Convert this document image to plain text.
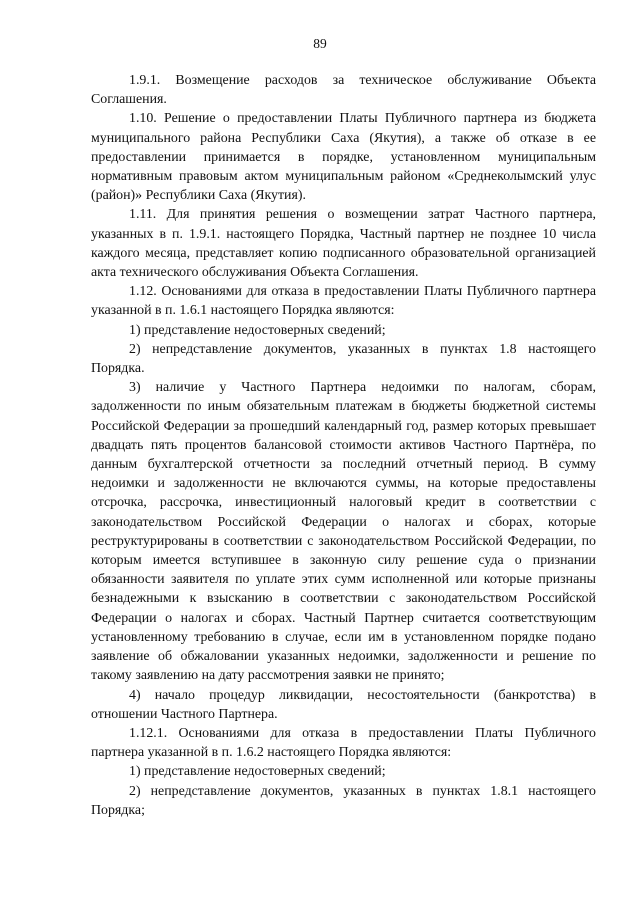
89

1.9.1. Возмещение расходов за техническое обслуживание Объекта Соглашения.

1.10. Решение о предоставлении Платы Публичного партнера из бюджета муниципального района Республики Саха (Якутия), а также об отказе в ее предоставлении принимается в порядке, установленном муниципальным нормативным правовым актом муниципальным районом «Среднеколымский улус (район)» Республики Саха (Якутия).

1.11. Для принятия решения о возмещении затрат Частного партнера, указанных в п. 1.9.1. настоящего Порядка, Частный партнер не позднее 10 числа каждого месяца, представляет копию подписанного образовательной организацией акта технического обслуживания Объекта Соглашения.

1.12. Основаниями для отказа в предоставлении Платы Публичного партнера указанной в п. 1.6.1 настоящего Порядка являются:

1) представление недостоверных сведений;

2) непредставление документов, указанных в пунктах 1.8 настоящего Порядка.

3) наличие у Частного Партнера недоимки по налогам, сборам, задолженности по иным обязательным платежам в бюджеты бюджетной системы Российской Федерации за прошедший календарный год, размер которых превышает двадцать пять процентов балансовой стоимости активов Частного Партнёра, по данным бухгалтерской отчетности за последний отчетный период. В сумму недоимки и задолженности не включаются суммы, на которые предоставлены отсрочка, рассрочка, инвестиционный налоговый кредит в соответствии с законодательством Российской Федерации о налогах и сборах, которые реструктурированы в соответствии с законодательством Российской Федерации, по которым имеется вступившее в законную силу решение суда о признании обязанности заявителя по уплате этих сумм исполненной или которые признаны безнадежными к взысканию в соответствии с законодательством Российской Федерации о налогах и сборах. Частный Партнер считается соответствующим установленному требованию в случае, если им в установленном порядке подано заявление об обжаловании указанных недоимки, задолженности и решение по такому заявлению на дату рассмотрения заявки не принято;

4) начало процедур ликвидации, несостоятельности (банкротства) в отношении Частного Партнера.

1.12.1. Основаниями для отказа в предоставлении Платы Публичного партнера указанной в п. 1.6.2 настоящего Порядка являются:

1) представление недостоверных сведений;

2) непредставление документов, указанных в пунктах 1.8.1 настоящего Порядка;
